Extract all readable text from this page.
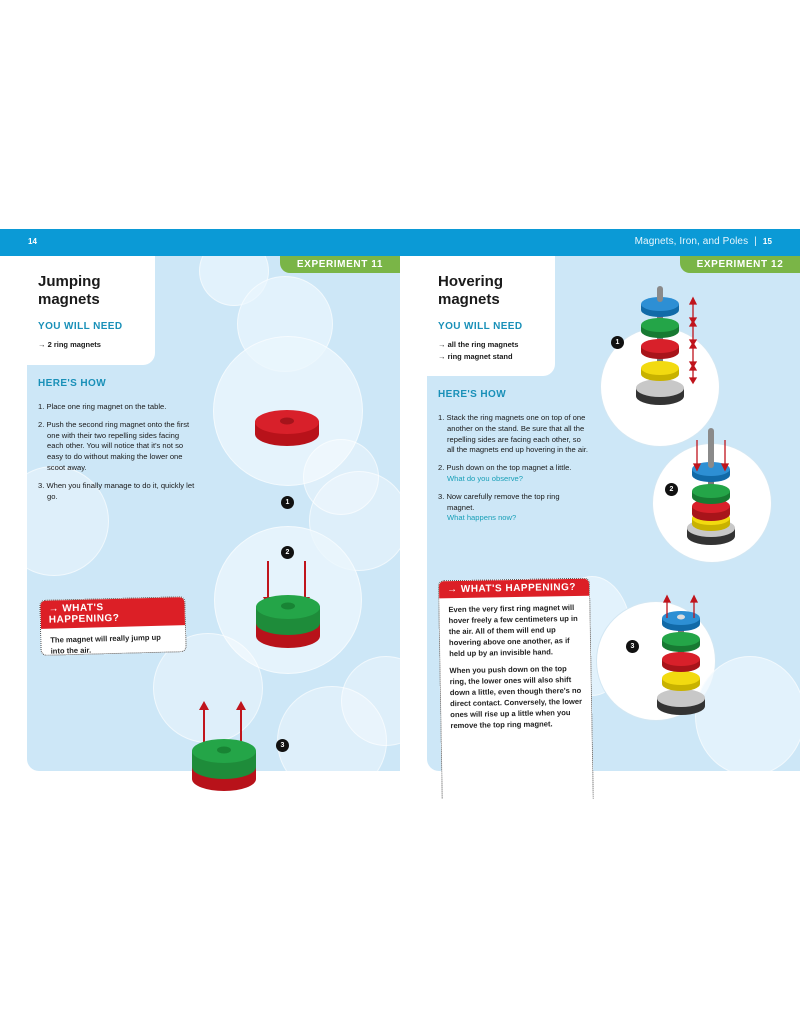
14	Magnets, Iron, and Poles | 15
EXPERIMENT 11
Jumping
magnets
YOU WILL NEED
→ 2 ring magnets
HERE'S HOW
1. Place one ring magnet on the table.
2. Push the second ring magnet onto the first one with their two repelling sides facing each other. You will notice that it's not so easy to do without making the lower one scoot away.
3. When you finally manage to do it, quickly let go.
→ WHAT'S HAPPENING?

The magnet will really jump up into the air.

1
2
3
EXPERIMENT 12
Hovering
magnets
YOU WILL NEED
→ all the ring magnets
→ ring magnet stand
HERE'S HOW
1. Stack the ring magnets one on top of one another on the stand. Be sure that all the repelling sides are facing each other, so all the magnets end up hovering in the air.
2. Push down on the top magnet a little.
What do you observe?
3. Now carefully remove the top ring magnet.
What happens now?
→ WHAT'S HAPPENING?

Even the very first ring magnet will hover freely a few centimeters up in the air. All of them will end up hovering above one another, as if held up by an invisible hand.

When you push down on the top ring, the lower ones will also shift down a little, even though there's no direct contact. Conversely, the lower ones will rise up a little when you remove the top ring magnet.

1
2
3
